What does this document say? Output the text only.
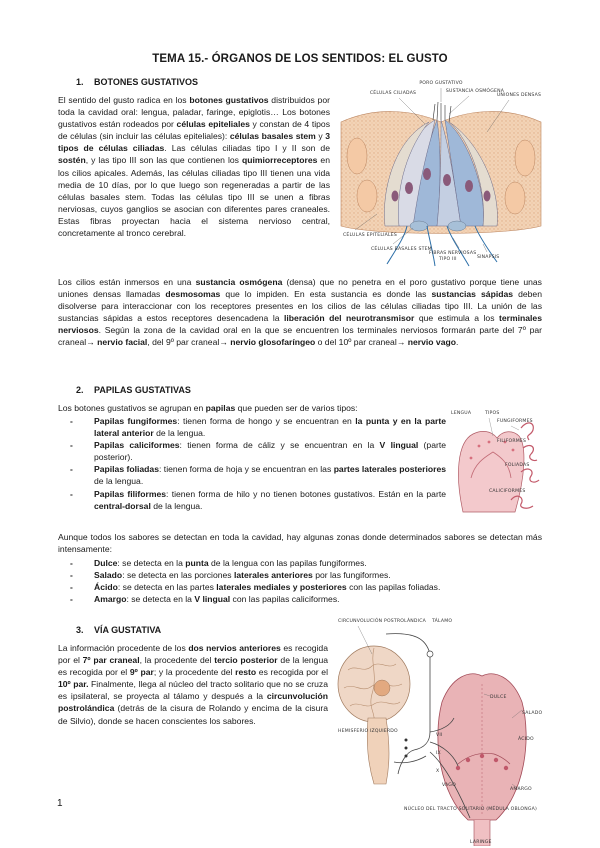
TEMA 15.- ÓRGANOS DE LOS SENTIDOS: EL GUSTO
1. BOTONES GUSTATIVOS
El sentido del gusto radica en los botones gustativos distribuidos por toda la cavidad oral: lengua, paladar, faringe, epiglotis… Los botones gustativos están rodeados por células epiteliales y constan de 4 tipos de células (sin incluir las células epiteliales): células basales stem y 3 tipos de células ciliadas. Las células ciliadas tipo I y II son de sostén, y las tipo III son las que contienen los quimiorreceptores en los cilios apicales. Además, las células ciliadas tipo III tienen una vida media de 10 días, por lo que luego son regeneradas a partir de las células basales stem. Todas las células tipo III se unen a fibras nerviosas, cuyos ganglios se asocian con diferentes pares craneales. Estas fibras proyectan hacia el sistema nervioso central, concretamente al tronco cerebral.
PORO GUSTATIVO
CÉLULAS CILIADAS	SUSTANCIA OSMÓGENA
UNIONES DENSAS
CÉLULAS EPITELIALES
CÉLULAS BASALES STEM
FIBRAS NERVIOSAS
TIPO III	SINAPSIS
Los cilios están inmersos en una sustancia osmógena (densa) que no penetra en el poro gustativo porque tiene unas uniones densas llamadas desmosomas que lo impiden. En esta sustancia es donde las sustancias sápidas deben disolverse para interaccionar con los receptores presentes en los cilios de las células ciliadas tipo III. La unión de las sustancias sápidas a estos receptores desencadena la liberación del neurotransmisor que estimula a los terminales nerviosos. Según la zona de la cavidad oral en la que se encuentren los terminales nerviosos formarán parte del 7º par craneal→ nervio facial, del 9º par craneal→ nervio glosofaríngeo o del 10º par craneal→ nervio vago.
2. PAPILAS GUSTATIVAS
Los botones gustativos se agrupan en papilas que pueden ser de varios tipos:
- Papilas fungiformes: tienen forma de hongo y se encuentran en la punta y en la parte lateral anterior de la lengua.
- Papilas caliciformes: tienen forma de cáliz y se encuentran en la V lingual (parte posterior).
- Papilas foliadas: tienen forma de hoja y se encuentran en las partes laterales posteriores de la lengua.
- Papilas filiformes: tienen forma de hilo y no tienen botones gustativos. Están en la parte central-dorsal de la lengua.
LENGUA	TIPOS
FUNGIFORMES
FILIFORMES
FOLIADAS
CALICIFORMES
Aunque todos los sabores se detectan en toda la cavidad, hay algunas zonas donde determinados sabores se detectan más intensamente:
- Dulce: se detecta en la punta de la lengua con las papilas fungiformes.
- Salado: se detecta en las porciones laterales anteriores por las fungiformes.
- Ácido: se detecta en las partes laterales mediales y posteriores con las papilas foliadas.
- Amargo: se detecta en la V lingual con las papilas caliciformes.
3. VÍA GUSTATIVA
La información procedente de los dos nervios anteriores es recogida por el 7º par craneal, la procedente del tercio posterior de la lengua es recogida por el 9º par; y la procedente del resto es recogida por el 10º par. Finalmente, llega al núcleo del tracto solitario que no se cruza es ipsilateral, se proyecta al tálamo y después a la circunvolución postrolándica (detrás de la cisura de Rolando y encima de la cisura de Silvio), donde se hacen conscientes los sabores.
CIRCUNVOLUCIÓN POSTROLÁNDICA TÁLAMO
DULCE
SALADO
ÁCIDO
AMARGO
HEMISFERIO IZQUIERDO
NÚCLEO DEL TRACTO SOLITARIO (MÉDULA OBLONGA)
LARINGE
VII
IX
X
VAGO
1
